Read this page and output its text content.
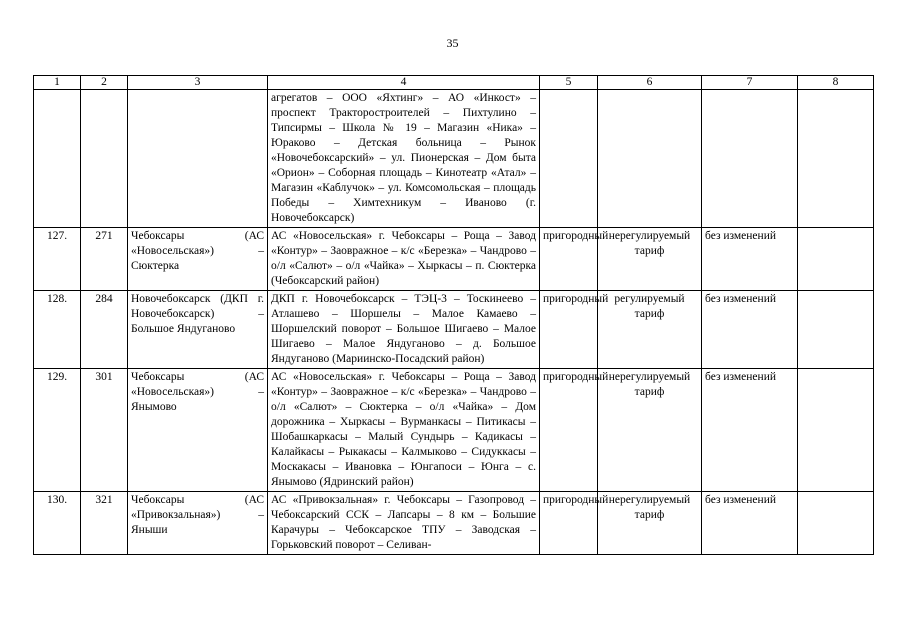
35
1	2	3	4	5	6	7	8
			агрегатов – ООО «Яхтинг» – АО «Инкост» – проспект Тракторостроителей – Пихтулино – Типсирмы – Школа № 19 – Магазин «Ника» – Юраково – Детская больница – Рынок «Новочебоксарский» – ул. Пионерская – Дом быта «Орион» – Соборная площадь – Кинотеатр «Атал» – Магазин «Каблучок» – ул. Комсомольская – площадь Победы – Химтехникум – Иваново (г. Новочебоксарск)				
127.	271	Чебоксары (АС «Новосельская») – Сюктерка	АС «Новосельская» г. Чебоксары – Роща – Завод «Контур» – Заовражное – к/с «Березка» – Чандрово – о/л «Салют» – о/л «Чайка» – Хыркасы – п. Сюктерка (Чебоксарский район)	пригородный	нерегулируемый тариф	без изменений	
128.	284	Новочебоксарск (ДКП г. Новочебоксарск) – Большое Яндуганово	ДКП г. Новочебоксарск – ТЭЦ-3 – Тоскинеево – Атлашево – Шоршелы – Малое Камаево – Шоршелский поворот – Большое Шигаево – Малое Шигаево – Малое Яндуганово – д. Большое Яндуганово (Мариинско-Посадский район)	пригородный	регулируемый тариф	без изменений	
129.	301	Чебоксары (АС «Новосельская») – Янымово	АС «Новосельская» г. Чебоксары – Роща – Завод «Контур» – Заовражное – к/с «Березка» – Чандрово – о/л «Салют» – Сюктерка – о/л «Чайка» – Дом дорожника – Хыркасы – Вурманкасы – Питикасы – Шобашкаркасы – Малый Сундырь – Кадикасы – Калайкасы – Рыкакасы – Калмыково – Сидуккасы – Москакасы – Ивановка – Юнгапоси – Юнга – с. Янымово (Ядринский район)	пригородный	нерегулируемый тариф	без изменений	
130.	321	Чебоксары (АС «Привокзальная») – Яныши	АС «Привокзальная» г. Чебоксары – Газопровод – Чебоксарский ССК – Лапсары – 8 км – Большие Карачуры – Чебоксарское ТПУ – Заводская – Горьковский поворот – Селиван-	пригородный	нерегулируемый тариф	без изменений	
